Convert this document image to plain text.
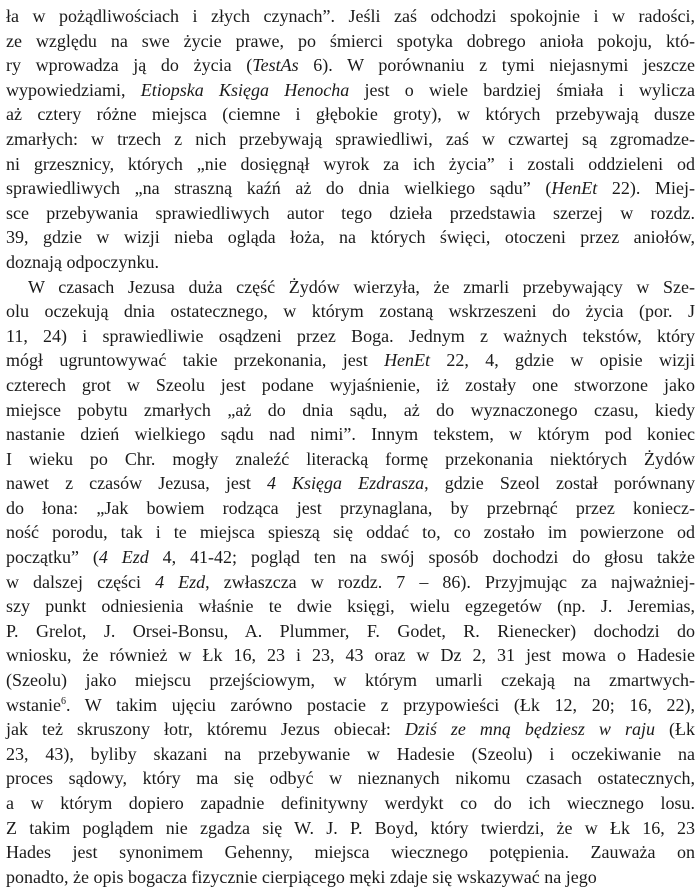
ła w pożądliwościach i złych czynach”. Jeśli zaś odchodzi spokojnie i w radości,
ze względu na swe życie prawe, po śmierci spotyka dobrego anioła pokoju, któ-
ry wprowadza ją do życia (TestAs 6). W porównaniu z tymi niejasnymi jeszcze
wypowiedziami, Etiopska Księga Henocha jest o wiele bardziej śmiała i wylicza
aż cztery różne miejsca (ciemne i głębokie groty), w których przebywają dusze
zmarłych: w trzech z nich przebywają sprawiedliwi, zaś w czwartej są zgromadze-
ni grzesznicy, których „nie dosięgnął wyrok za ich życia” i zostali oddzieleni od
sprawiedliwych „na straszną kaźń aż do dnia wielkiego sądu” (HenEt 22). Miej-
sce przebywania sprawiedliwych autor tego dzieła przedstawia szerzej w rozdz.
39, gdzie w wizji nieba ogląda łoża, na których święci, otoczeni przez aniołów,
doznają odpoczynku.
W czasach Jezusa duża część Żydów wierzyła, że zmarli przebywający w Sze-
olu oczekują dnia ostatecznego, w którym zostaną wskrzeszeni do życia (por. J
11, 24) i sprawiedliwie osądzeni przez Boga. Jednym z ważnych tekstów, który
mógł ugruntowywać takie przekonania, jest HenEt 22, 4, gdzie w opisie wizji
czterech grot w Szeolu jest podane wyjaśnienie, iż zostały one stworzone jako
miejsce pobytu zmarłych „aż do dnia sądu, aż do wyznaczonego czasu, kiedy
nastanie dzień wielkiego sądu nad nimi”. Innym tekstem, w którym pod koniec
I wieku po Chr. mogły znaleźć literacką formę przekonania niektórych Żydów
nawet z czasów Jezusa, jest 4 Księga Ezdrasza, gdzie Szeol został porównany
do łona: „Jak bowiem rodząca jest przynaglana, by przebrnąć przez koniecz-
ność porodu, tak i te miejsca spieszą się oddać to, co zostało im powierzone od
początku” (4 Ezd 4, 41-42; pogląd ten na swój sposób dochodzi do głosu także
w dalszej części 4 Ezd, zwłaszcza w rozdz. 7 – 86). Przyjmując za najważniej-
szy punkt odniesienia właśnie te dwie księgi, wielu egzegetów (np. J. Jeremias,
P. Grelot, J. Orsei-Bonsu, A. Plummer, F. Godet, R. Rienecker) dochodzi do
wniosku, że również w Łk 16, 23 i 23, 43 oraz w Dz 2, 31 jest mowa o Hadesie
(Szeolu) jako miejscu przejściowym, w którym umarli czekają na zmartwych-
wstanie$^6$. W takim ujęciu zarówno postacie z przypowieści (Łk 12, 20; 16, 22),
jak też skruszony łotr, któremu Jezus obiecał: Dziś ze mną będziesz w raju (Łk
23, 43), byliby skazani na przebywanie w Hadesie (Szeolu) i oczekiwanie na
proces sądowy, który ma się odbyć w nieznanych nikomu czasach ostatecznych,
a w którym dopiero zapadnie definitywny werdykt co do ich wiecznego losu.
Z takim poglądem nie zgadza się W. J. P. Boyd, który twierdzi, że w Łk 16, 23
Hades jest synonimem Gehenny, miejsca wiecznego potępienia. Zauważa on
ponadto, że opis bogacza fizycznie cierpiącego męki zdaje się wskazywać na jego
